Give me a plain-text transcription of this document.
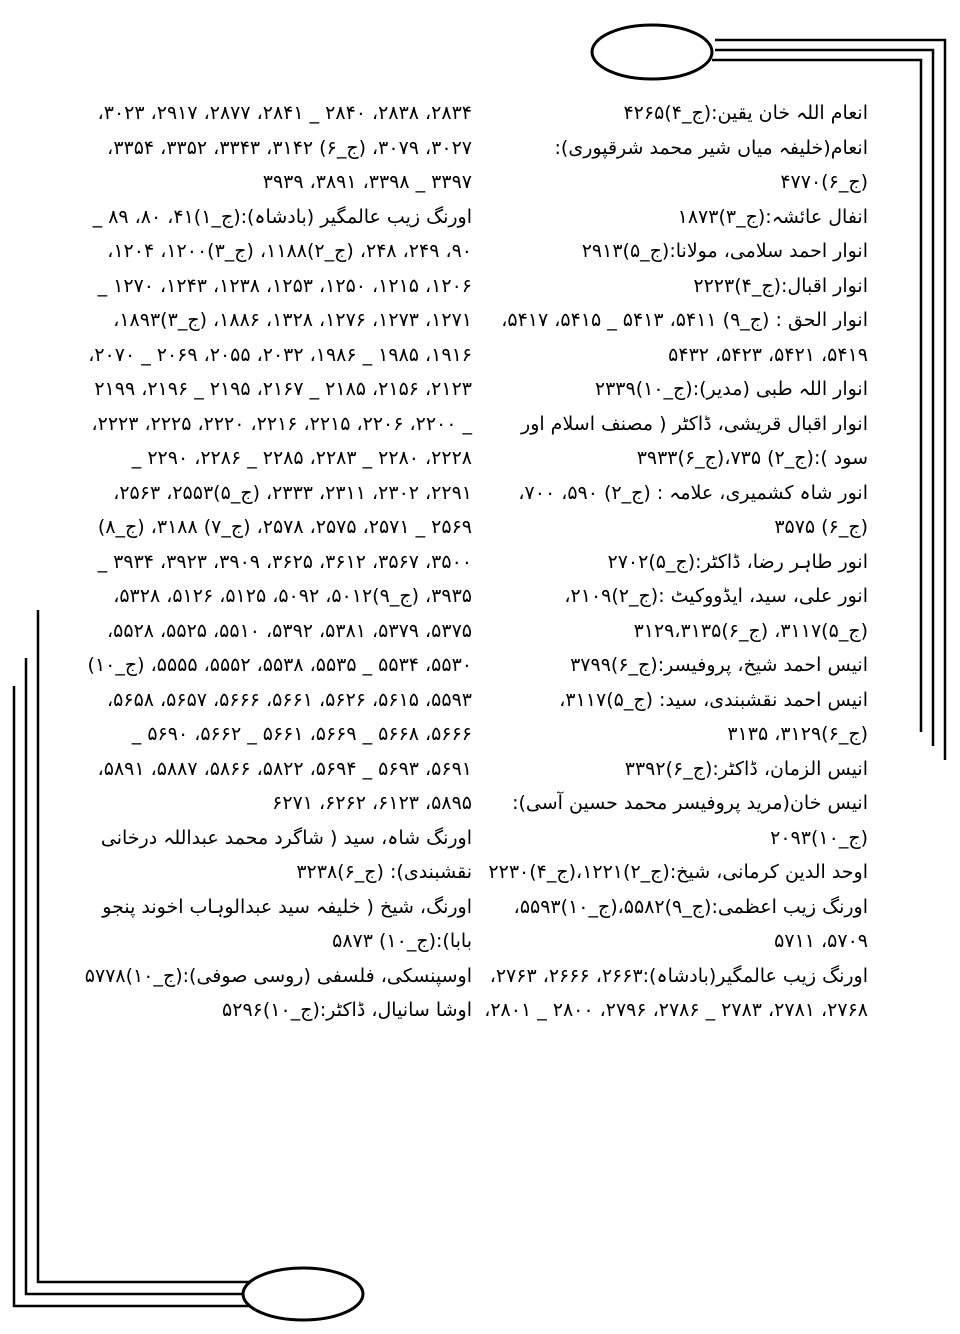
انعام اللہ خان یقین:(ج_۴)۴۲۶۵

انعام(خلیفہ میاں شیر محمد شرقپوری):(ج_۶)۴۷۷۰

انفال عائشہ:(ج_۳)۱۸۷۳

انوار احمد سلامی، مولانا:(ج_۵)۲۹۱۳

انوار اقبال:(ج_۴)۲۲۲۳

انوار الحق : (ج_۹) ۵۴۱۱، ۵۴۱۳ _ ۵۴۱۵، ۵۴۱۷، ۵۴۱۹، ۵۴۲۱، ۵۴۲۳، ۵۴۳۲

انوار اللہ طبی (مدیر):(ج_۱۰)۲۳۳۹

انوار اقبال قریشی، ڈاکٹر ( مصنف اسلام اور سود ):(ج_۲) ۷۳۵،(ج_۶)۳۹۳۳

انور شاہ کشمیری، علامہ : (ج_۲) ۵۹۰، ۷۰۰، (ج_۶) ۳۵۷۵

انور طاہر رضا، ڈاکٹر:(ج_۵)۲۷۰۲

انور علی، سید، ایڈووکیٹ :(ج_۲)۲۱۰۹،(ج_۵)۳۱۱۷، (ج_۶)۳۱۲۹،۳۱۳۵

انیس احمد شیخ، پروفیسر:(ج_۶)۳۷۹۹

انیس احمد نقشبندی، سید: (ج_۵)۳۱۱۷، (ج_۶)۳۱۲۹، ۳۱۳۵

انیس الزمان، ڈاکٹر:(ج_۶)۳۳۹۲

انیس خان(مرید پروفیسر محمد حسین آسی):(ج_۱۰)۲۰۹۳

اوحد الدین کرمانی، شیخ:(ج_۲)۱۲۲۱،(ج_۴)۲۲۳۰

اورنگ زیب اعظمی:(ج_۹)۵۵۸۲،(ج_۱۰)۵۵۹۳، ۵۷۰۹، ۵۷۱۱

اورنگ زیب عالمگیر(بادشاہ):۲۶۶۳، ۲۶۶۶، ۲۷۶۳، ۲۷۶۸، ۲۷۸۱، ۲۷۸۳ _ ۲۷۸۶، ۲۷۹۶، ۲۸۰۰ _ ۲۸۰۱،

۲۸۳۴، ۲۸۳۸، ۲۸۴۰ _ ۲۸۴۱، ۲۸۷۷، ۲۹۱۷، ۳۰۲۳، ۳۰۲۷، ۳۰۷۹، (ج_۶) ۳۱۴۲، ۳۳۴۳، ۳۳۵۲، ۳۳۵۴، ۳۳۹۷ _ ۳۳۹۸، ۳۸۹۱، ۳۹۳۹

اورنگ زیب عالمگیر (بادشاہ):(ج_۱)۴۱، ۸۰، ۸۹ _ ۹۰، ۲۴۹، ۲۴۸، (ج_۲)۱۱۸۸، (ج_۳)۱۲۰۰، ۱۲۰۴، ۱۲۰۶، ۱۲۱۵، ۱۲۵۰، ۱۲۵۳، ۱۲۳۸، ۱۲۴۳، ۱۲۷۰ _ ۱۲۷۱، ۱۲۷۳، ۱۲۷۶، ۱۳۲۸، ۱۸۸۶، (ج_۳)۱۸۹۳، ۱۹۱۶، ۱۹۸۵ _ ۱۹۸۶، ۲۰۳۲، ۲۰۵۵، ۲۰۶۹ _ ۲۰۷۰، ۲۱۲۳، ۲۱۵۶، ۲۱۸۵ _ ۲۱۶۷، ۲۱۹۵ _ ۲۱۹۶، ۲۱۹۹ _ ۲۲۰۰، ۲۲۰۶، ۲۲۱۵، ۲۲۱۶، ۲۲۲۰، ۲۲۲۵، ۲۲۲۳، ۲۲۲۸، ۲۲۸۰ _ ۲۲۸۳، ۲۲۸۵ _ ۲۲۸۶، ۲۲۹۰ _ ۲۲۹۱، ۲۳۰۲، ۲۳۱۱، ۲۳۳۳، (ج_۵)۲۵۵۳، ۲۵۶۳، ۲۵۶۹ _ ۲۵۷۱، ۲۵۷۵، ۲۵۷۸، (ج_۷) ۳۱۸۸، (ج_۸) ۳۵۰۰، ۳۵۶۷، ۳۶۱۲، ۳۶۲۵، ۳۹۰۹، ۳۹۲۳، ۳۹۳۴ _ ۳۹۳۵، (ج_۹)۵۰۱۲، ۵۰۹۲، ۵۱۲۵، ۵۱۲۶، ۵۳۲۸، ۵۳۷۵، ۵۳۷۹، ۵۳۸۱، ۵۳۹۲، ۵۵۱۰، ۵۵۲۵، ۵۵۲۸، ۵۵۳۰، ۵۵۳۴ _ ۵۵۳۵، ۵۵۳۸، ۵۵۵۲، ۵۵۵۵، (ج_۱۰) ۵۵۹۳، ۵۶۱۵، ۵۶۲۶، ۵۶۶۱، ۵۶۶۶، ۵۶۵۷، ۵۶۵۸، ۵۶۶۶، ۵۶۶۸ _ ۵۶۶۹، ۵۶۶۱ _ ۵۶۶۲، ۵۶۹۰ _ ۵۶۹۱، ۵۶۹۳ _ ۵۶۹۴، ۵۸۲۲، ۵۸۶۶، ۵۸۸۷، ۵۸۹۱، ۵۸۹۵، ۶۱۲۳، ۶۲۶۲، ۶۲۷۱

اورنگ شاہ، سید ( شاگرد محمد عبداللہ درخانی نقشبندی): (ج_۶)۳۲۳۸

اورنگ، شیخ ( خلیفہ سید عبدالوہاب اخوند پنجو بابا):(ج_۱۰) ۵۸۷۳

اوسپنسکی، فلسفی (روسی صوفی):(ج_۱۰)۵۷۷۸

اوشا سانیال، ڈاکٹر:(ج_۱۰)۵۲۹۶
